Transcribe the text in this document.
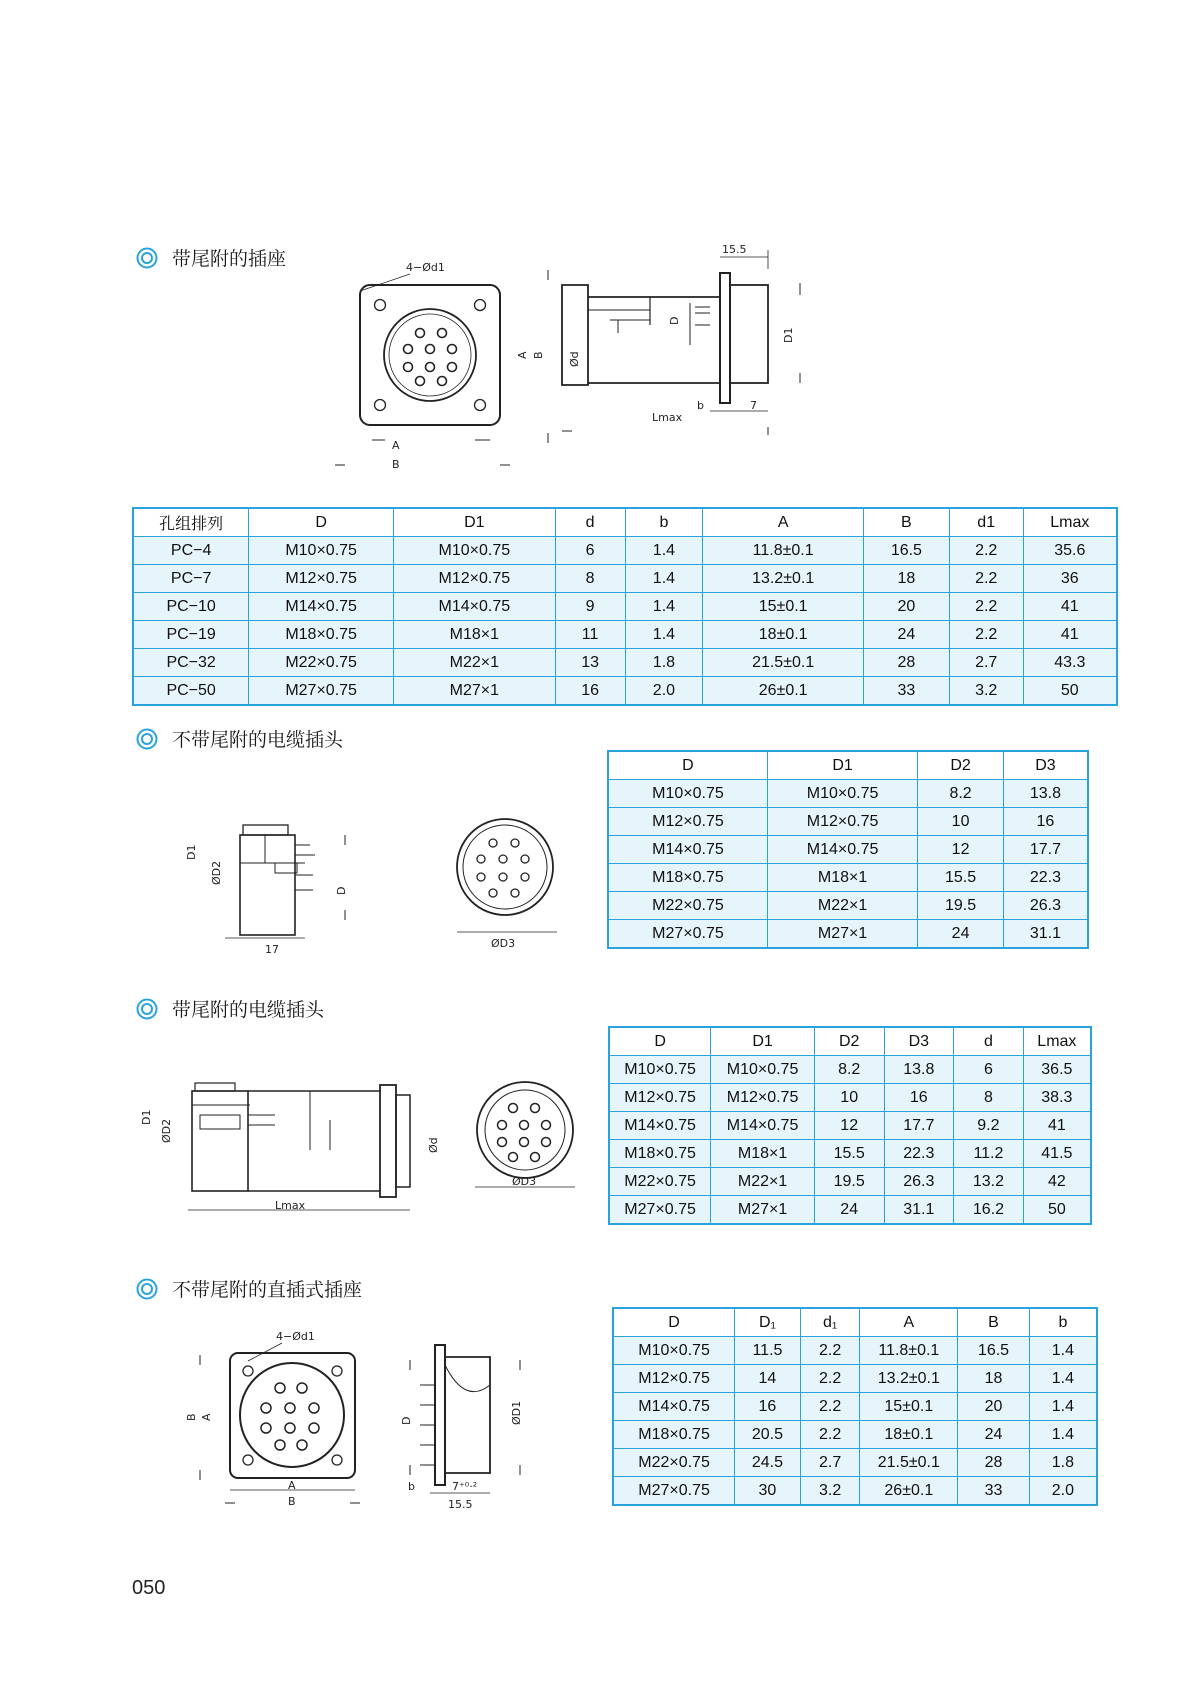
带尾附的插座	4−Ød1
A B
A
B
Ød
D
D1
15.5
Lmax
b	7
孔组排列	D	D1	d	b	A	B	d1	Lmax
PC−4	M10×0.75	M10×0.75	6	1.4	11.8±0.1	16.5	2.2	35.6
PC−7	M12×0.75	M12×0.75	8	1.4	13.2±0.1	18	2.2	36
PC−10	M14×0.75	M14×0.75	9	1.4	15±0.1	20	2.2	41
PC−19	M18×0.75	M18×1	11	1.4	18±0.1	24	2.2	41
PC−32	M22×0.75	M22×1	13	1.8	21.5±0.1	28	2.7	43.3
PC−50	M27×0.75	M27×1	16	2.0	26±0.1	33	3.2	50
不带尾附的电缆插头
D1
ØD2
D
17	ØD3
D	D1	D2	D3
M10×0.75	M10×0.75	8.2	13.8
M12×0.75	M12×0.75	10	16
M14×0.75	M14×0.75	12	17.7
M18×0.75	M18×1	15.5	22.3
M22×0.75	M22×1	19.5	26.3
M27×0.75	M27×1	24	31.1
带尾附的电缆插头
D1
ØD2
Ød
Lmax
ØD3
D	D1	D2	D3	d	Lmax
M10×0.75	M10×0.75	8.2	13.8	6	36.5
M12×0.75	M12×0.75	10	16	8	38.3
M14×0.75	M14×0.75	12	17.7	9.2	41
M18×0.75	M18×1	15.5	22.3	11.2	41.5
M22×0.75	M22×1	19.5	26.3	13.2	42
M27×0.75	M27×1	24	31.1	16.2	50
不带尾附的直插式插座
4−Ød1
B A
A
B
D	ØD1
b	7⁺⁰·²
15.5
D	D₁	d₁	A	B	b
M10×0.75	11.5	2.2	11.8±0.1	16.5	1.4
M12×0.75	14	2.2	13.2±0.1	18	1.4
M14×0.75	16	2.2	15±0.1	20	1.4
M18×0.75	20.5	2.2	18±0.1	24	1.4
M22×0.75	24.5	2.7	21.5±0.1	28	1.8
M27×0.75	30	3.2	26±0.1	33	2.0
050
